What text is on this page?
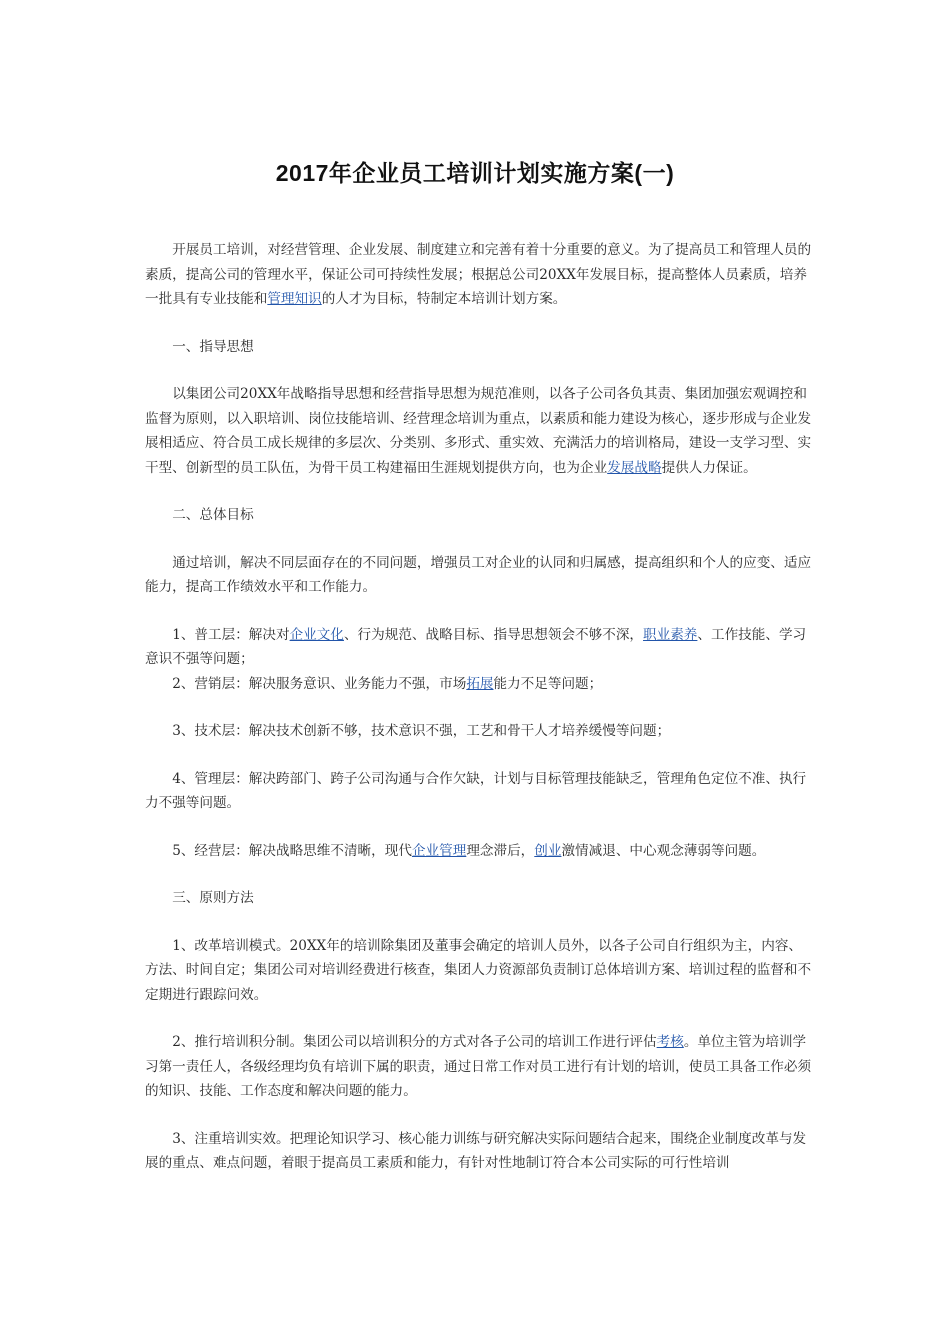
2017年企业员工培训计划实施方案(一)

开展员工培训，对经营管理、企业发展、制度建立和完善有着十分重要的意义。为了提高员工和管理人员的素质，提高公司的管理水平，保证公司可持续性发展；根据总公司20XX年发展目标，提高整体人员素质，培养一批具有专业技能和管理知识的人才为目标，特制定本培训计划方案。

一、指导思想

以集团公司20XX年战略指导思想和经营指导思想为规范准则，以各子公司各负其责、集团加强宏观调控和监督为原则，以入职培训、岗位技能培训、经营理念培训为重点，以素质和能力建设为核心，逐步形成与企业发展相适应、符合员工成长规律的多层次、分类别、多形式、重实效、充满活力的培训格局，建设一支学习型、实干型、创新型的员工队伍，为骨干员工构建福田生涯规划提供方向，也为企业发展战略提供人力保证。

二、总体目标

通过培训，解决不同层面存在的不同问题，增强员工对企业的认同和归属感，提高组织和个人的应变、适应能力，提高工作绩效水平和工作能力。

1、普工层：解决对企业文化、行为规范、战略目标、指导思想领会不够不深，职业素养、工作技能、学习意识不强等问题；

2、营销层：解决服务意识、业务能力不强，市场拓展能力不足等问题；

3、技术层：解决技术创新不够，技术意识不强，工艺和骨干人才培养缓慢等问题；

4、管理层：解决跨部门、跨子公司沟通与合作欠缺，计划与目标管理技能缺乏，管理角色定位不准、执行力不强等问题。

5、经营层：解决战略思维不清晰，现代企业管理理念滞后，创业激情减退、中心观念薄弱等问题。

三、原则方法

1、改革培训模式。20XX年的培训除集团及董事会确定的培训人员外，以各子公司自行组织为主，内容、方法、时间自定；集团公司对培训经费进行核查，集团人力资源部负责制订总体培训方案、培训过程的监督和不定期进行跟踪问效。

2、推行培训积分制。集团公司以培训积分的方式对各子公司的培训工作进行评估考核。单位主管为培训学习第一责任人，各级经理均负有培训下属的职责，通过日常工作对员工进行有计划的培训，使员工具备工作必须的知识、技能、工作态度和解决问题的能力。

3、注重培训实效。把理论知识学习、核心能力训练与研究解决实际问题结合起来，围绕企业制度改革与发展的重点、难点问题，着眼于提高员工素质和能力，有针对性地制订符合本公司实际的可行性培训
